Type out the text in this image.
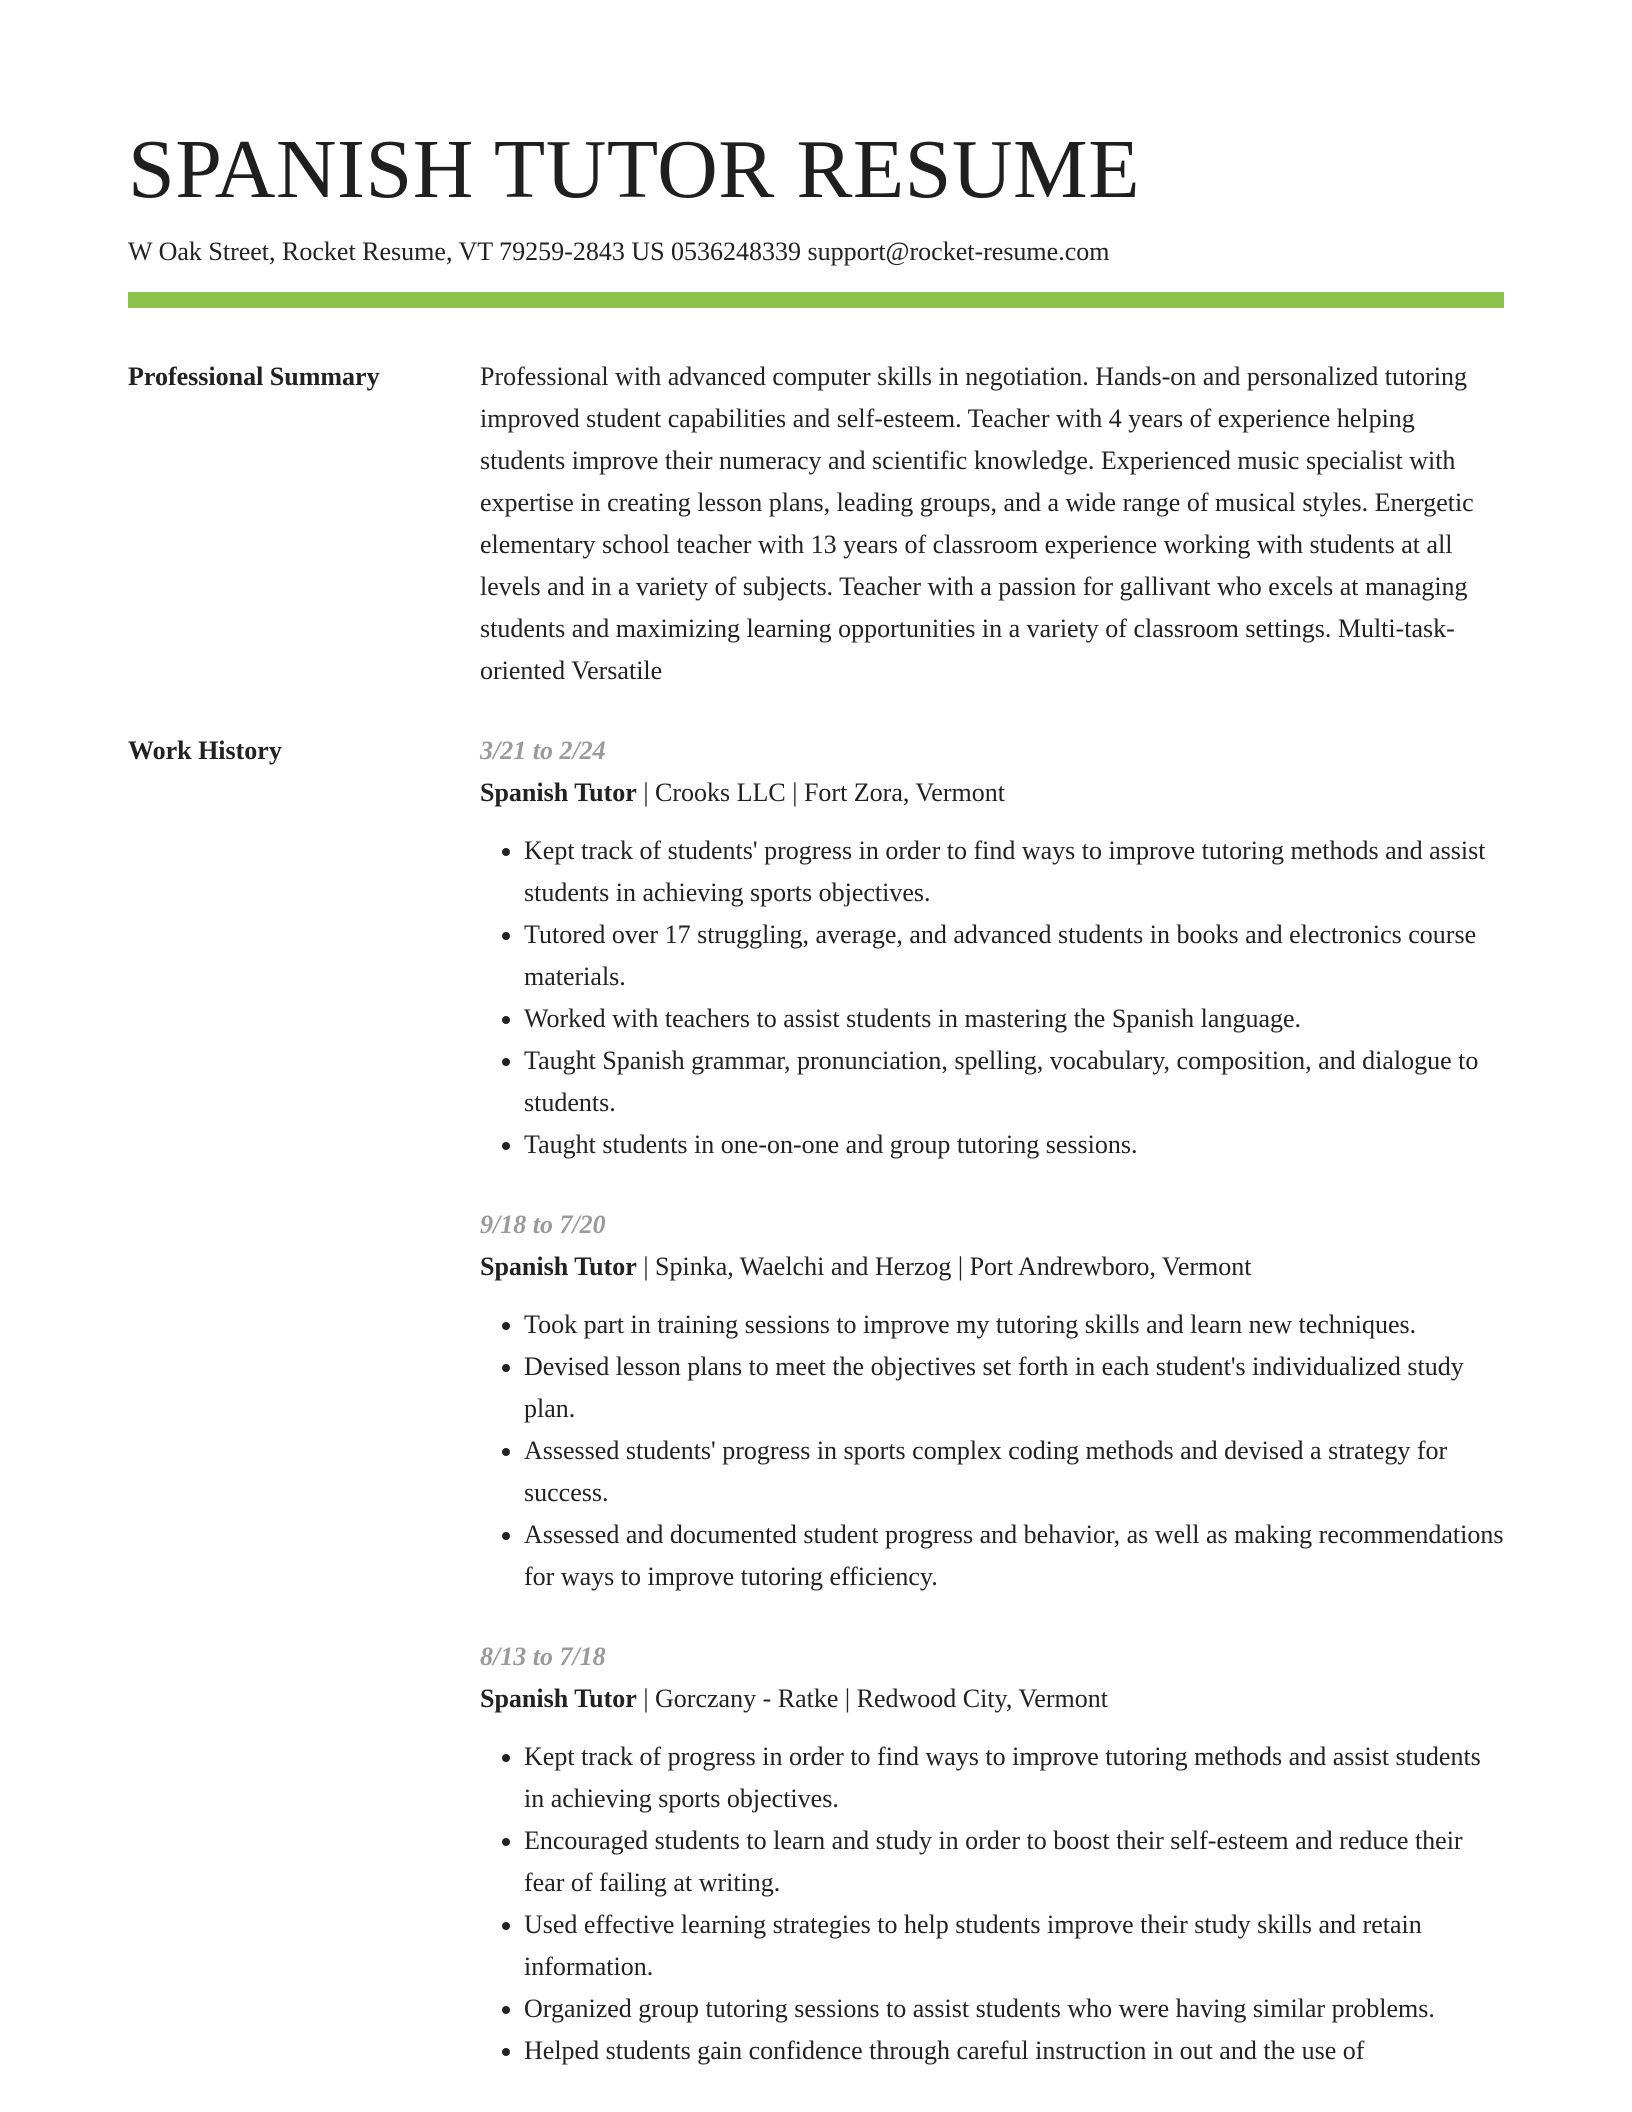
SPANISH TUTOR RESUME
W Oak Street, Rocket Resume, VT 79259-2843 US 0536248339 support@rocket-resume.com
Professional Summary	Professional with advanced computer skills in negotiation. Hands-on and personalized tutoring improved student capabilities and self-esteem. Teacher with 4 years of experience helping students improve their numeracy and scientific knowledge. Experienced music specialist with expertise in creating lesson plans, leading groups, and a wide range of musical styles. Energetic elementary school teacher with 13 years of classroom experience working with students at all levels and in a variety of subjects. Teacher with a passion for gallivant who excels at managing students and maximizing learning opportunities in a variety of classroom settings. Multi-task-oriented Versatile

Work History	3/21 to 2/24
Spanish Tutor | Crooks LLC | Fort Zora, Vermont
• Kept track of students' progress in order to find ways to improve tutoring methods and assist students in achieving sports objectives.
• Tutored over 17 struggling, average, and advanced students in books and electronics course materials.
• Worked with teachers to assist students in mastering the Spanish language.
• Taught Spanish grammar, pronunciation, spelling, vocabulary, composition, and dialogue to students.
• Taught students in one-on-one and group tutoring sessions.
9/18 to 7/20
Spanish Tutor | Spinka, Waelchi and Herzog | Port Andrewboro, Vermont
• Took part in training sessions to improve my tutoring skills and learn new techniques.
• Devised lesson plans to meet the objectives set forth in each student's individualized study plan.
• Assessed students' progress in sports complex coding methods and devised a strategy for success.
• Assessed and documented student progress and behavior, as well as making recommendations for ways to improve tutoring efficiency.
8/13 to 7/18
Spanish Tutor | Gorczany - Ratke | Redwood City, Vermont
• Kept track of progress in order to find ways to improve tutoring methods and assist students in achieving sports objectives.
• Encouraged students to learn and study in order to boost their self-esteem and reduce their fear of failing at writing.
• Used effective learning strategies to help students improve their study skills and retain information.
• Organized group tutoring sessions to assist students who were having similar problems.
• Helped students gain confidence through careful instruction in out and the use of
